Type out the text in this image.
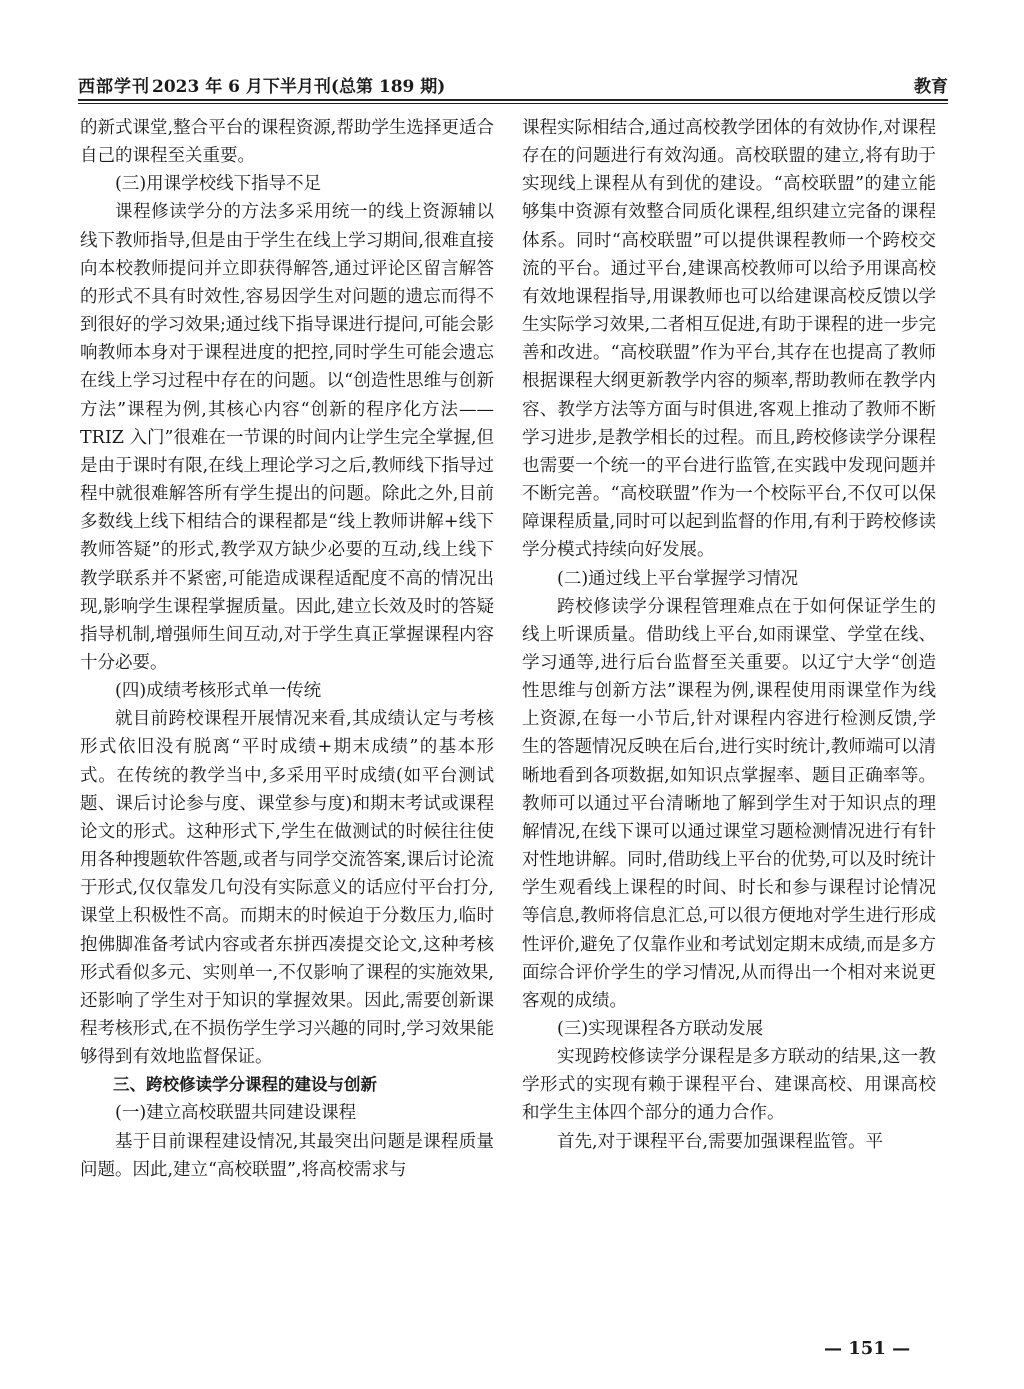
西部学刊 2023 年 6 月下半月刊(总第 189 期)	教育

的新式课堂,整合平台的课程资源,帮助学生选择更适合自己的课程至关重要。

(三)用课学校线下指导不足

课程修读学分的方法多采用统一的线上资源辅以线下教师指导,但是由于学生在线上学习期间,很难直接向本校教师提问并立即获得解答,通过评论区留言解答的形式不具有时效性,容易因学生对问题的遗忘而得不到很好的学习效果;通过线下指导课进行提问,可能会影响教师本身对于课程进度的把控,同时学生可能会遗忘在线上学习过程中存在的问题。以“创造性思维与创新方法”课程为例,其核心内容“创新的程序化方法——TRIZ 入门”很难在一节课的时间内让学生完全掌握,但是由于课时有限,在线上理论学习之后,教师线下指导过程中就很难解答所有学生提出的问题。除此之外,目前多数线上线下相结合的课程都是“线上教师讲解+线下教师答疑”的形式,教学双方缺少必要的互动,线上线下教学联系并不紧密,可能造成课程适配度不高的情况出现,影响学生课程掌握质量。因此,建立长效及时的答疑指导机制,增强师生间互动,对于学生真正掌握课程内容十分必要。

(四)成绩考核形式单一传统

就目前跨校课程开展情况来看,其成绩认定与考核形式依旧没有脱离“平时成绩+期末成绩”的基本形式。在传统的教学当中,多采用平时成绩(如平台测试题、课后讨论参与度、课堂参与度)和期末考试或课程论文的形式。这种形式下,学生在做测试的时候往往使用各种搜题软件答题,或者与同学交流答案,课后讨论流于形式,仅仅靠发几句没有实际意义的话应付平台打分,课堂上积极性不高。而期末的时候迫于分数压力,临时抱佛脚准备考试内容或者东拼西凑提交论文,这种考核形式看似多元、实则单一,不仅影响了课程的实施效果,还影响了学生对于知识的掌握效果。因此,需要创新课程考核形式,在不损伤学生学习兴趣的同时,学习效果能够得到有效地监督保证。

三、跨校修读学分课程的建设与创新

(一)建立高校联盟共同建设课程

基于目前课程建设情况,其最突出问题是课程质量问题。因此,建立“高校联盟”,将高校需求与

课程实际相结合,通过高校教学团体的有效协作,对课程存在的问题进行有效沟通。高校联盟的建立,将有助于实现线上课程从有到优的建设。“高校联盟”的建立能够集中资源有效整合同质化课程,组织建立完备的课程体系。同时“高校联盟”可以提供课程教师一个跨校交流的平台。通过平台,建课高校教师可以给予用课高校有效地课程指导,用课教师也可以给建课高校反馈以学生实际学习效果,二者相互促进,有助于课程的进一步完善和改进。“高校联盟”作为平台,其存在也提高了教师根据课程大纲更新教学内容的频率,帮助教师在教学内容、教学方法等方面与时俱进,客观上推动了教师不断学习进步,是教学相长的过程。而且,跨校修读学分课程也需要一个统一的平台进行监管,在实践中发现问题并不断完善。“高校联盟”作为一个校际平台,不仅可以保障课程质量,同时可以起到监督的作用,有利于跨校修读学分模式持续向好发展。

(二)通过线上平台掌握学习情况

跨校修读学分课程管理难点在于如何保证学生的线上听课质量。借助线上平台,如雨课堂、学堂在线、学习通等,进行后台监督至关重要。以辽宁大学“创造性思维与创新方法”课程为例,课程使用雨课堂作为线上资源,在每一小节后,针对课程内容进行检测反馈,学生的答题情况反映在后台,进行实时统计,教师端可以清晰地看到各项数据,如知识点掌握率、题目正确率等。教师可以通过平台清晰地了解到学生对于知识点的理解情况,在线下课可以通过课堂习题检测情况进行有针对性地讲解。同时,借助线上平台的优势,可以及时统计学生观看线上课程的时间、时长和参与课程讨论情况等信息,教师将信息汇总,可以很方便地对学生进行形成性评价,避免了仅靠作业和考试划定期末成绩,而是多方面综合评价学生的学习情况,从而得出一个相对来说更客观的成绩。

(三)实现课程各方联动发展

实现跨校修读学分课程是多方联动的结果,这一教学形式的实现有赖于课程平台、建课高校、用课高校和学生主体四个部分的通力合作。

首先,对于课程平台,需要加强课程监管。平

— 151 —
